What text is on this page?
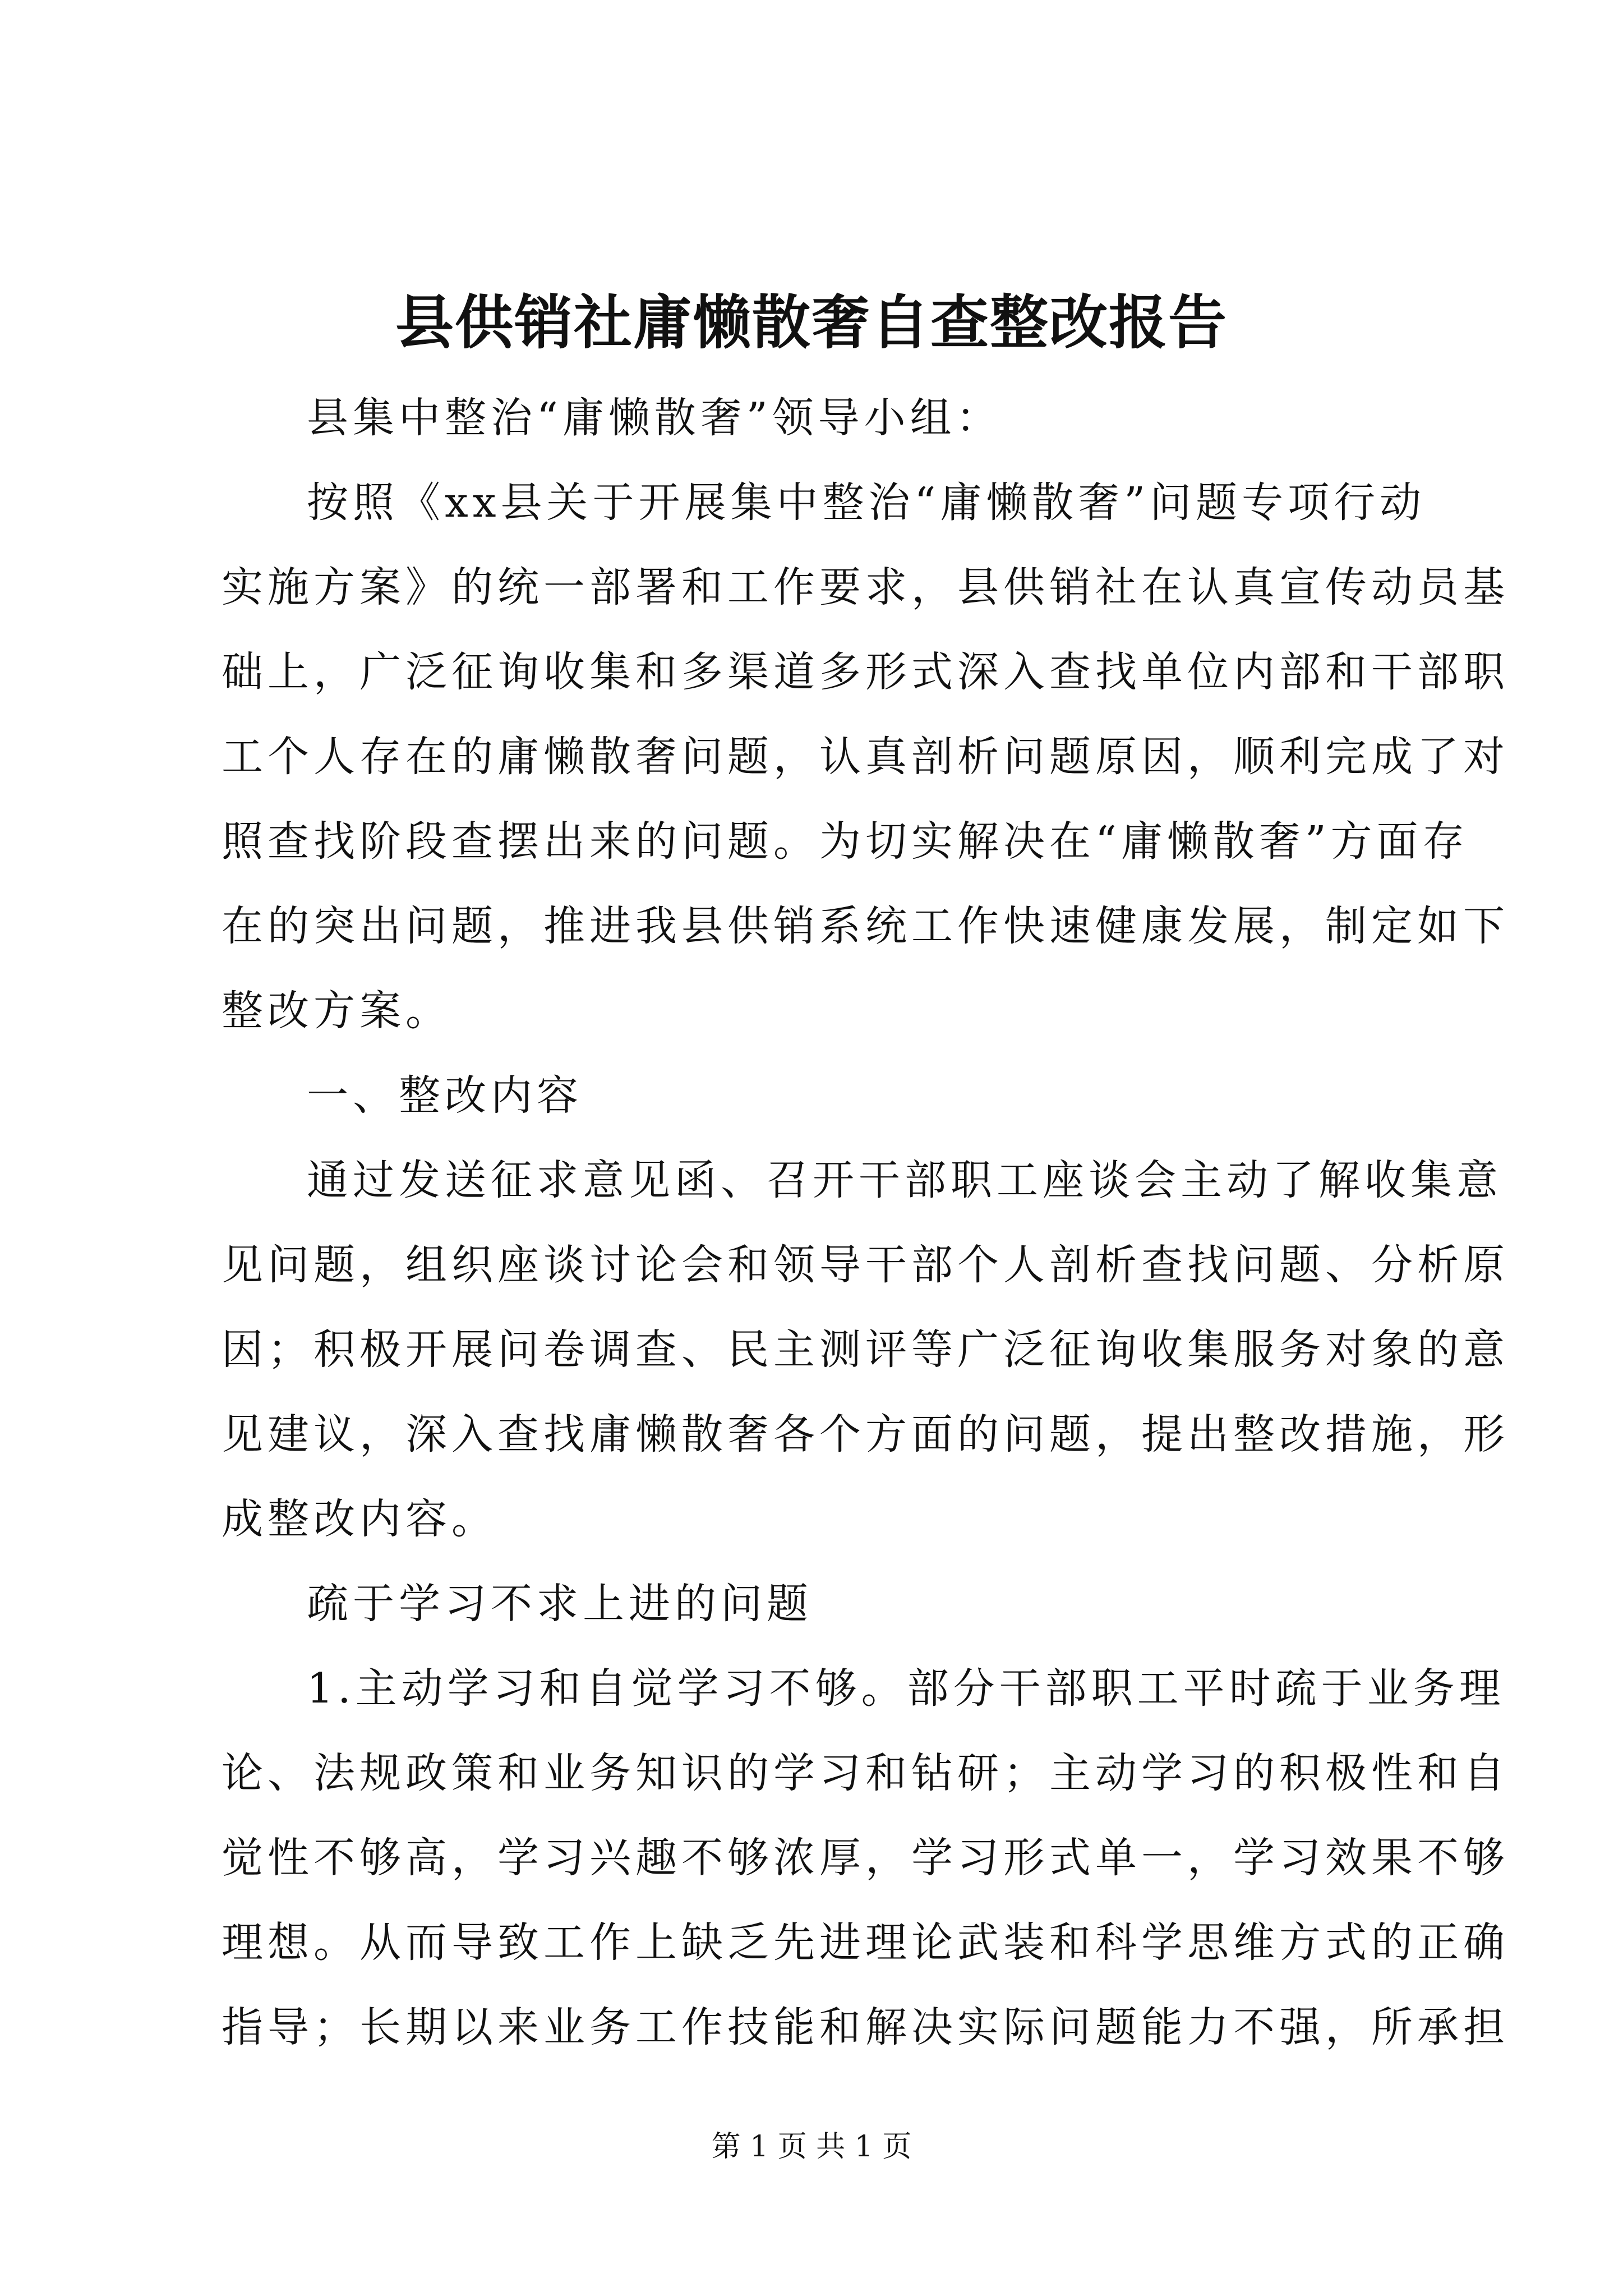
县供销社庸懒散奢自查整改报告
县集中整治“庸懒散奢”领导小组：
按照《xx县关于开展集中整治“庸懒散奢”问题专项行动
实施方案》的统一部署和工作要求，县供销社在认真宣传动员基
础上，广泛征询收集和多渠道多形式深入查找单位内部和干部职
工个人存在的庸懒散奢问题，认真剖析问题原因，顺利完成了对
照查找阶段查摆出来的问题。为切实解决在“庸懒散奢”方面存
在的突出问题，推进我县供销系统工作快速健康发展，制定如下
整改方案。
一、整改内容
通过发送征求意见函、召开干部职工座谈会主动了解收集意
见问题，组织座谈讨论会和领导干部个人剖析查找问题、分析原
因；积极开展问卷调查、民主测评等广泛征询收集服务对象的意
见建议，深入查找庸懒散奢各个方面的问题，提出整改措施，形
成整改内容。
疏于学习不求上进的问题
1.主动学习和自觉学习不够。部分干部职工平时疏于业务理
论、法规政策和业务知识的学习和钻研；主动学习的积极性和自
觉性不够高，学习兴趣不够浓厚，学习形式单一，学习效果不够
理想。从而导致工作上缺乏先进理论武装和科学思维方式的正确
指导；长期以来业务工作技能和解决实际问题能力不强，所承担
第 1 页 共 1 页
